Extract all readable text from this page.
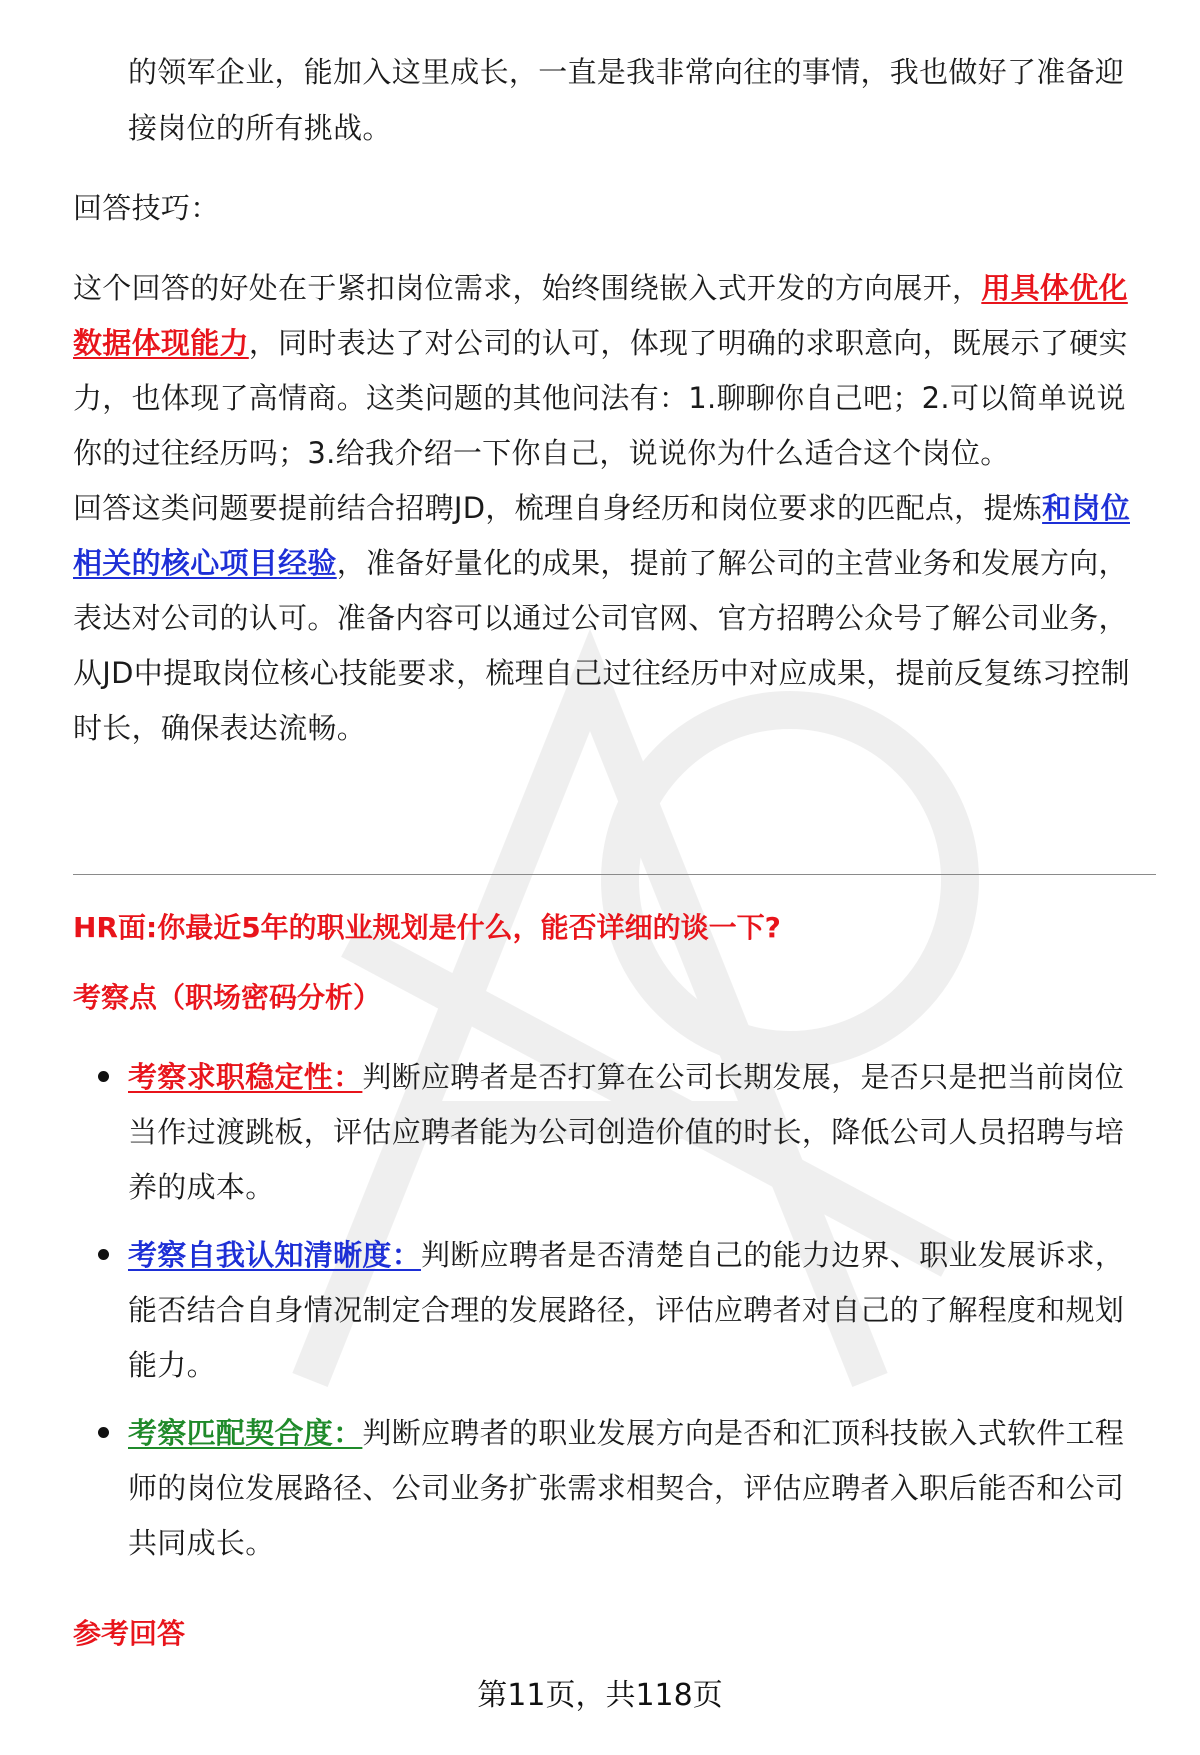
的领军企业，能加入这里成长，一直是我非常向往的事情，我也做好了准备迎
接岗位的所有挑战。
回答技巧：
这个回答的好处在于紧扣岗位需求，始终围绕嵌入式开发的方向展开，用具体优化
数据体现能力，同时表达了对公司的认可，体现了明确的求职意向，既展示了硬实
力，也体现了高情商。这类问题的其他问法有：1.聊聊你自己吧；2.可以简单说说
你的过往经历吗；3.给我介绍一下你自己，说说你为什么适合这个岗位。
回答这类问题要提前结合招聘JD，梳理自身经历和岗位要求的匹配点，提炼和岗位
相关的核心项目经验，准备好量化的成果，提前了解公司的主营业务和发展方向，
表达对公司的认可。准备内容可以通过公司官网、官方招聘公众号了解公司业务，
从JD中提取岗位核心技能要求，梳理自己过往经历中对应成果，提前反复练习控制
时长，确保表达流畅。
HR面:你最近5年的职业规划是什么，能否详细的谈一下?
考察点（职场密码分析）
考察求职稳定性：判断应聘者是否打算在公司长期发展，是否只是把当前岗位
当作过渡跳板，评估应聘者能为公司创造价值的时长，降低公司人员招聘与培
养的成本。
考察自我认知清晰度：判断应聘者是否清楚自己的能力边界、职业发展诉求，
能否结合自身情况制定合理的发展路径，评估应聘者对自己的了解程度和规划
能力。
考察匹配契合度：判断应聘者的职业发展方向是否和汇顶科技嵌入式软件工程
师的岗位发展路径、公司业务扩张需求相契合，评估应聘者入职后能否和公司
共同成长。
参考回答
第11页，共118页
